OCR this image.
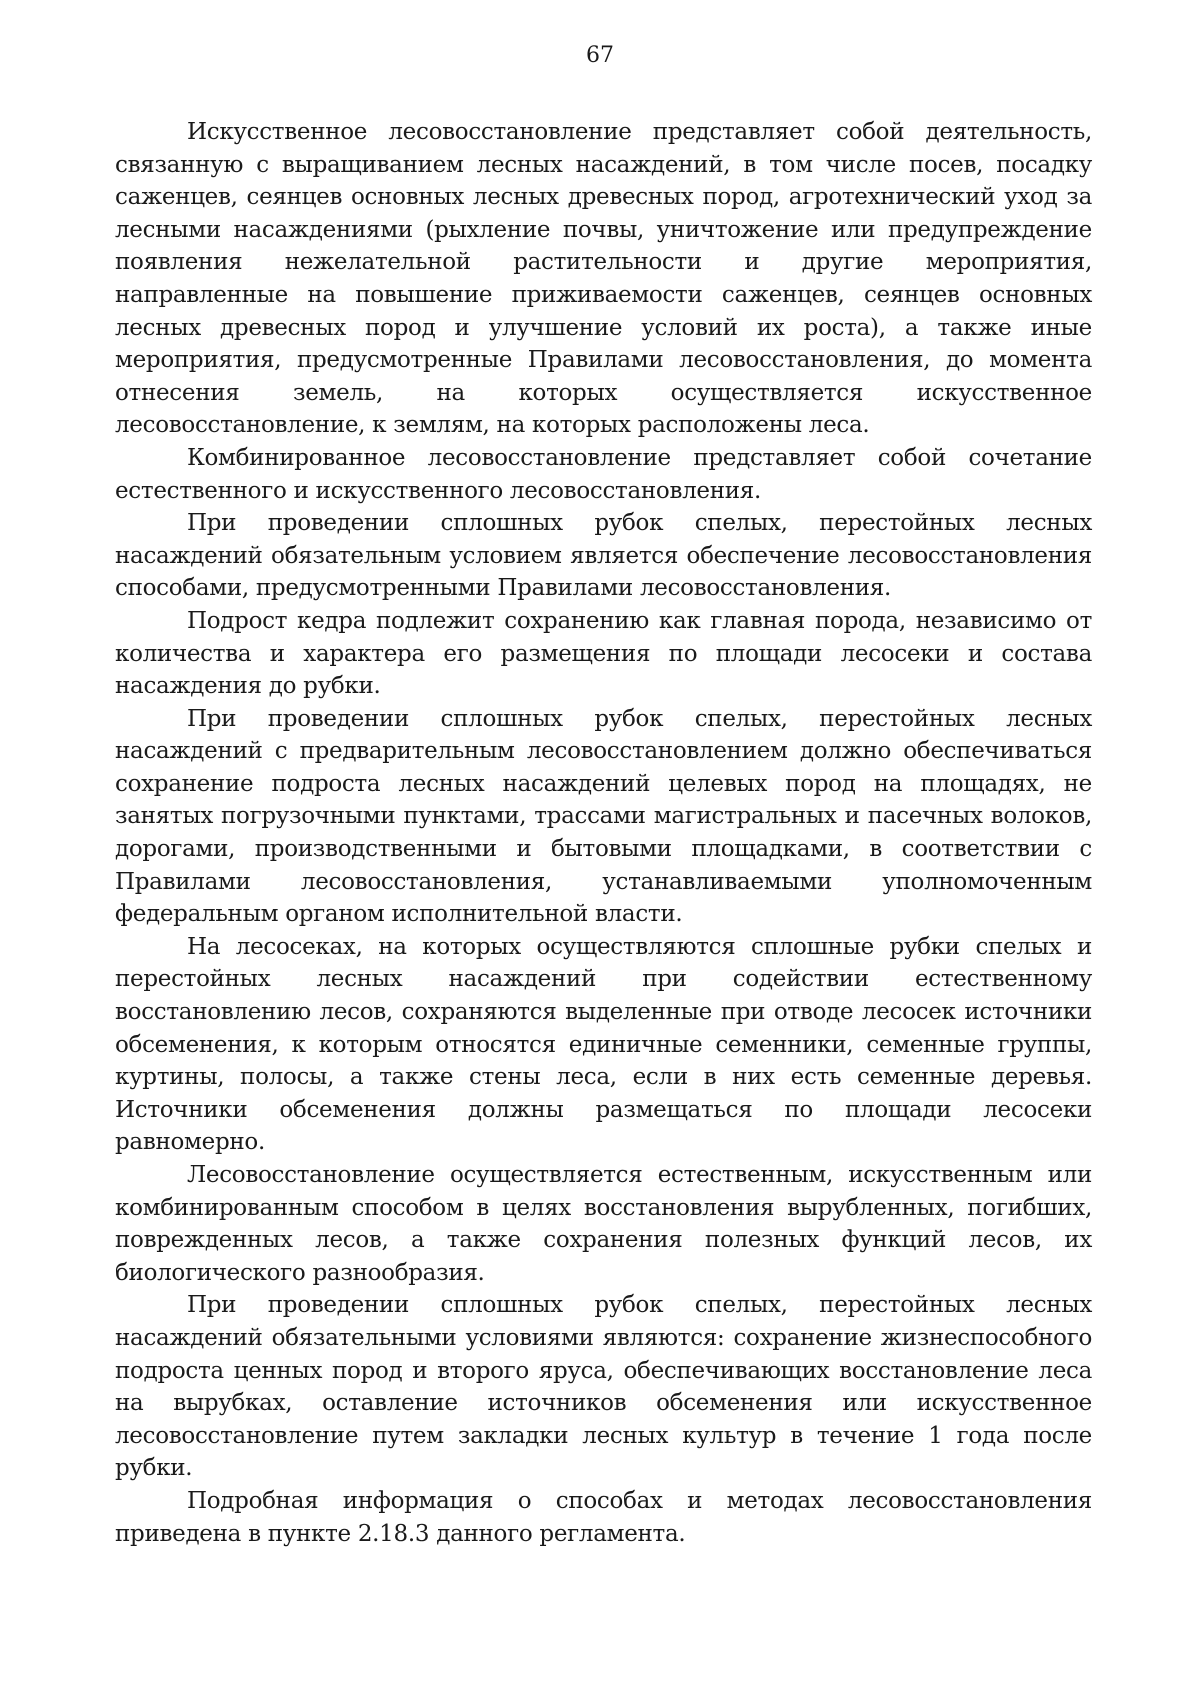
67

Искусственное лесовосстановление представляет собой деятельность, связанную с выращиванием лесных насаждений, в том числе посев, посадку саженцев, сеянцев основных лесных древесных пород, агротехнический уход за лесными насаждениями (рыхление почвы, уничтожение или предупреждение появления нежелательной растительности и другие мероприятия, направленные на повышение приживаемости саженцев, сеянцев основных лесных древесных пород и улучшение условий их роста), а также иные мероприятия, предусмотренные Правилами лесовосстановления, до момента отнесения земель, на которых осуществляется искусственное лесовосстановление, к землям, на которых расположены леса.

Комбинированное лесовосстановление представляет собой сочетание естественного и искусственного лесовосстановления.

При проведении сплошных рубок спелых, перестойных лесных насаждений обязательным условием является обеспечение лесовосстановления способами, предусмотренными Правилами лесовосстановления.

Подрост кедра подлежит сохранению как главная порода, независимо от количества и характера его размещения по площади лесосеки и состава насаждения до рубки.

При проведении сплошных рубок спелых, перестойных лесных насаждений с предварительным лесовосстановлением должно обеспечиваться сохранение подроста лесных насаждений целевых пород на площадях, не занятых погрузочными пунктами, трассами магистральных и пасечных волоков, дорогами, производственными и бытовыми площадками, в соответствии с Правилами лесовосстановления, устанавливаемыми уполномоченным федеральным органом исполнительной власти.

На лесосеках, на которых осуществляются сплошные рубки спелых и перестойных лесных насаждений при содействии естественному восстановлению лесов, сохраняются выделенные при отводе лесосек источники обсеменения, к которым относятся единичные семенники, семенные группы, куртины, полосы, а также стены леса, если в них есть семенные деревья. Источники обсеменения должны размещаться по площади лесосеки равномерно.

Лесовосстановление осуществляется естественным, искусственным или комбинированным способом в целях восстановления вырубленных, погибших, поврежденных лесов, а также сохранения полезных функций лесов, их биологического разнообразия.

При проведении сплошных рубок спелых, перестойных лесных насаждений обязательными условиями являются: сохранение жизнеспособного подроста ценных пород и второго яруса, обеспечивающих восстановление леса на вырубках, оставление источников обсеменения или искусственное лесовосстановление путем закладки лесных культур в течение 1 года после рубки.

Подробная информация о способах и методах лесовосстановления приведена в пункте 2.18.3 данного регламента.
